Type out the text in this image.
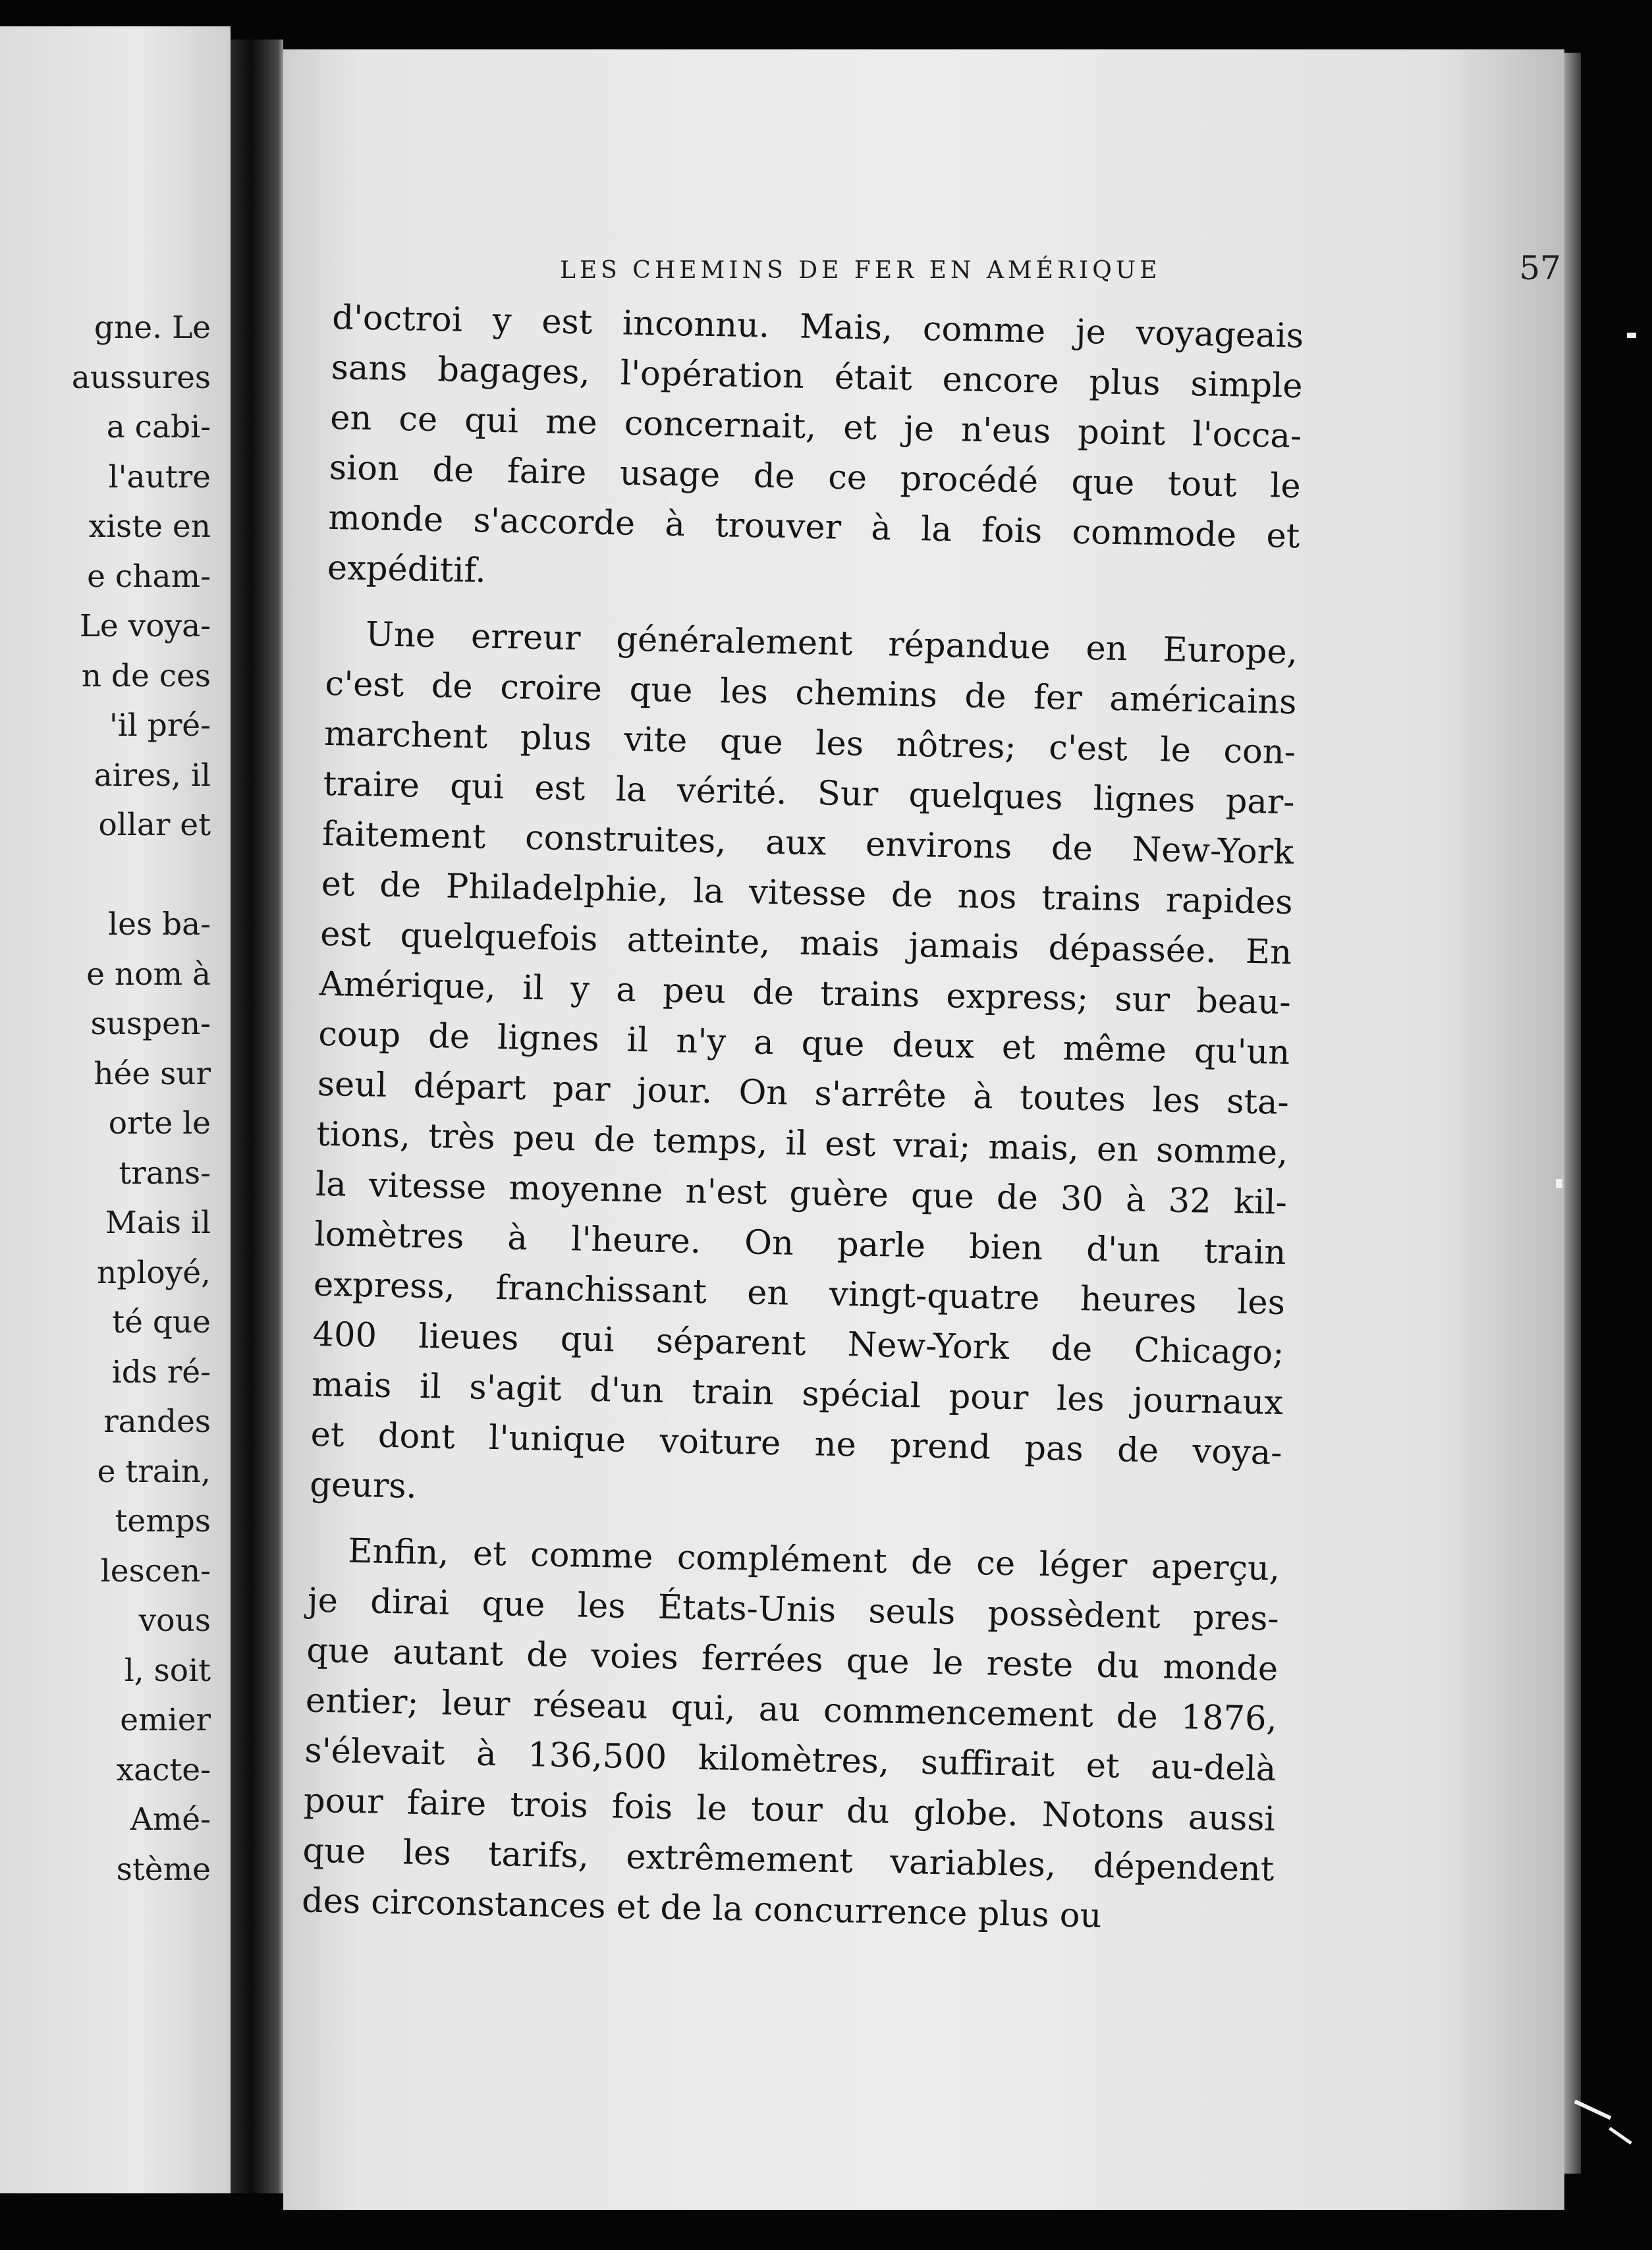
gne. Le
aussures
a cabi-
l'autre
xiste en
e cham-
Le voya-
n de ces
'il pré-
aires, il
ollar et
les ba-
e nom à
suspen-
hée sur
orte le
trans-
Mais il
nployé,
té que
ids ré-
randes
e train,
temps
lescen-
vous
l, soit
emier
xacte-
Amé-
stème
LES CHEMINS DE FER EN AMÉRIQUE	57
d'octroi y est inconnu. Mais, comme je voyageais
sans bagages, l'opération était encore plus simple
en ce qui me concernait, et je n'eus point l'occa-
sion de faire usage de ce procédé que tout le
monde s'accorde à trouver à la fois commode et
expéditif.
Une erreur généralement répandue en Europe,
c'est de croire que les chemins de fer américains
marchent plus vite que les nôtres; c'est le con-
traire qui est la vérité. Sur quelques lignes par-
faitement construites, aux environs de New-York
et de Philadelphie, la vitesse de nos trains rapides
est quelquefois atteinte, mais jamais dépassée. En
Amérique, il y a peu de trains express; sur beau-
coup de lignes il n'y a que deux et même qu'un
seul départ par jour. On s'arrête à toutes les sta-
tions, très peu de temps, il est vrai; mais, en somme,
la vitesse moyenne n'est guère que de 30 à 32 kil-
lomètres à l'heure. On parle bien d'un train
express, franchissant en vingt-quatre heures les
400 lieues qui séparent New-York de Chicago;
mais il s'agit d'un train spécial pour les journaux
et dont l'unique voiture ne prend pas de voya-
geurs.
Enfin, et comme complément de ce léger aperçu,
je dirai que les États-Unis seuls possèdent pres-
que autant de voies ferrées que le reste du monde
entier; leur réseau qui, au commencement de 1876,
s'élevait à 136,500 kilomètres, suffirait et au-delà
pour faire trois fois le tour du globe. Notons aussi
que les tarifs, extrêmement variables, dépendent
des circonstances et de la concurrence plus ou
